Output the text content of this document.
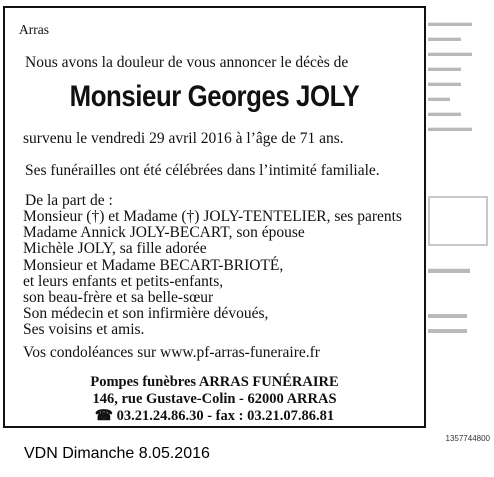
▬▬▬▬
▬▬▬
▬▬▬▬
▬▬▬
▬▬▬
▬▬
▬▬▬
▬▬▬▬
▬▬▬
▬▬▬
▬▬▬
Arras
Nous avons la douleur de vous annoncer le décès de
Monsieur Georges JOLY
survenu le vendredi 29 avril 2016 à l’âge de 71 ans.
Ses funérailles ont été célébrées dans l’intimité familiale.
De la part de :
Monsieur (†) et Madame (†) JOLY-TENTELIER, ses parents
Madame Annick JOLY-BECART, son épouse
Michèle JOLY, sa fille adorée
Monsieur et Madame BECART-BRIOTÉ,
et leurs enfants et petits-enfants,
son beau-frère et sa belle-sœur
Son médecin et son infirmière dévoués,
Ses voisins et amis.
Vos condoléances sur www.pf-arras-funeraire.fr
Pompes funèbres ARRAS FUNÉRAIRE
146, rue Gustave-Colin - 62000 ARRAS
☎ 03.21.24.86.30 - fax : 03.21.07.86.81
1357744800
VDN Dimanche 8.05.2016
